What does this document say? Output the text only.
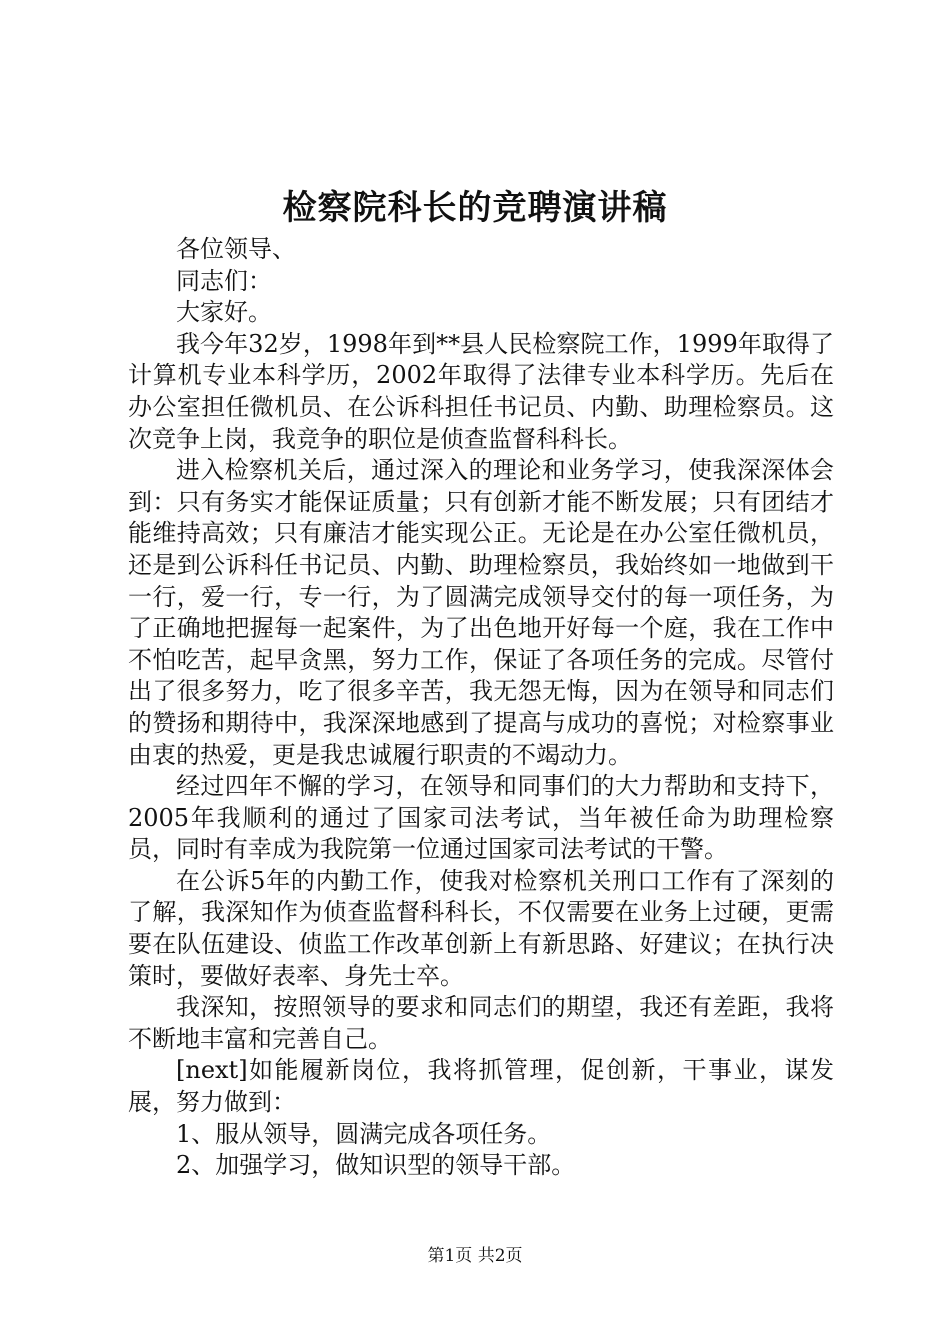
检察院科长的竞聘演讲稿

各位领导、

同志们：

大家好。

我今年32岁，1998年到**县人民检察院工作，1999年取得了计算机专业本科学历，2002年取得了法律专业本科学历。先后在办公室担任微机员、在公诉科担任书记员、内勤、助理检察员。这次竞争上岗，我竞争的职位是侦查监督科科长。

进入检察机关后，通过深入的理论和业务学习，使我深深体会到：只有务实才能保证质量；只有创新才能不断发展；只有团结才能维持高效；只有廉洁才能实现公正。无论是在办公室任微机员，还是到公诉科任书记员、内勤、助理检察员，我始终如一地做到干一行，爱一行，专一行，为了圆满完成领导交付的每一项任务，为了正确地把握每一起案件，为了出色地开好每一个庭，我在工作中不怕吃苦，起早贪黑，努力工作，保证了各项任务的完成。尽管付出了很多努力，吃了很多辛苦，我无怨无悔，因为在领导和同志们的赞扬和期待中，我深深地感到了提高与成功的喜悦；对检察事业由衷的热爱，更是我忠诚履行职责的不竭动力。

经过四年不懈的学习，在领导和同事们的大力帮助和支持下，2005年我顺利的通过了国家司法考试，当年被任命为助理检察员，同时有幸成为我院第一位通过国家司法考试的干警。

在公诉5年的内勤工作，使我对检察机关刑口工作有了深刻的了解，我深知作为侦查监督科科长，不仅需要在业务上过硬，更需要在队伍建设、侦监工作改革创新上有新思路、好建议；在执行决策时，要做好表率、身先士卒。

我深知，按照领导的要求和同志们的期望，我还有差距，我将不断地丰富和完善自己。

[next]如能履新岗位，我将抓管理，促创新，干事业，谋发展，努力做到：

1、服从领导，圆满完成各项任务。

2、加强学习，做知识型的领导干部。

第1页 共2页
